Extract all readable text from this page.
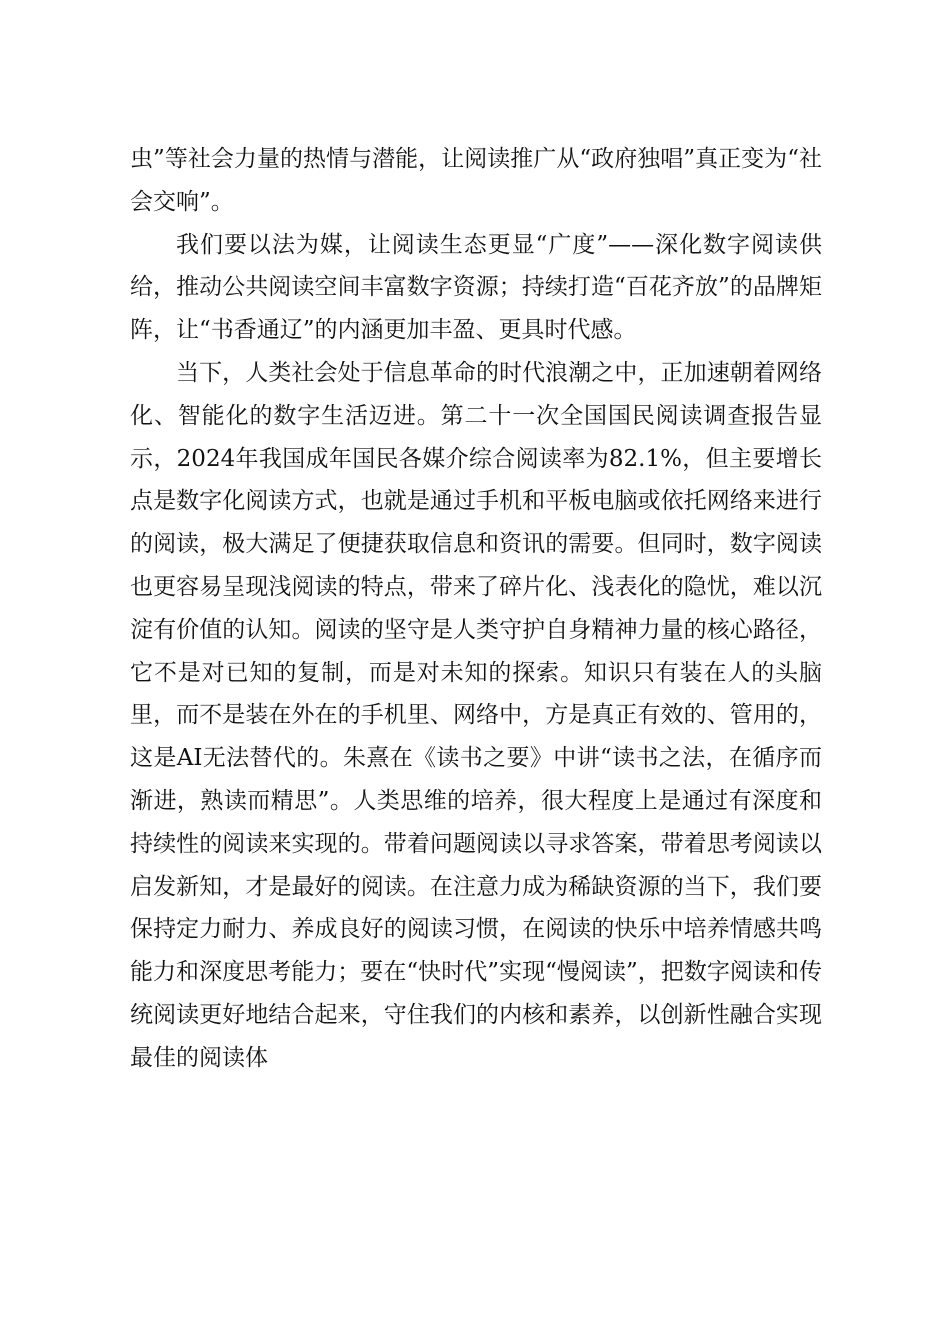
虫”等社会力量的热情与潜能，让阅读推广从“政府独唱”真正变为“社会交响”。

我们要以法为媒，让阅读生态更显“广度”——深化数字阅读供给，推动公共阅读空间丰富数字资源；持续打造“百花齐放”的品牌矩阵，让“书香通辽”的内涵更加丰盈、更具时代感。

当下，人类社会处于信息革命的时代浪潮之中，正加速朝着网络化、智能化的数字生活迈进。第二十一次全国国民阅读调查报告显示，2024年我国成年国民各媒介综合阅读率为82.1%，但主要增长点是数字化阅读方式，也就是通过手机和平板电脑或依托网络来进行的阅读，极大满足了便捷获取信息和资讯的需要。但同时，数字阅读也更容易呈现浅阅读的特点，带来了碎片化、浅表化的隐忧，难以沉淀有价值的认知。阅读的坚守是人类守护自身精神力量的核心路径，它不是对已知的复制，而是对未知的探索。知识只有装在人的头脑里，而不是装在外在的手机里、网络中，方是真正有效的、管用的，这是AI无法替代的。朱熹在《读书之要》中讲“读书之法，在循序而渐进，熟读而精思”。人类思维的培养，很大程度上是通过有深度和持续性的阅读来实现的。带着问题阅读以寻求答案，带着思考阅读以启发新知，才是最好的阅读。在注意力成为稀缺资源的当下，我们要保持定力耐力、养成良好的阅读习惯，在阅读的快乐中培养情感共鸣能力和深度思考能力；要在“快时代”实现“慢阅读”，把数字阅读和传统阅读更好地结合起来，守住我们的内核和素养，以创新性融合实现最佳的阅读体
